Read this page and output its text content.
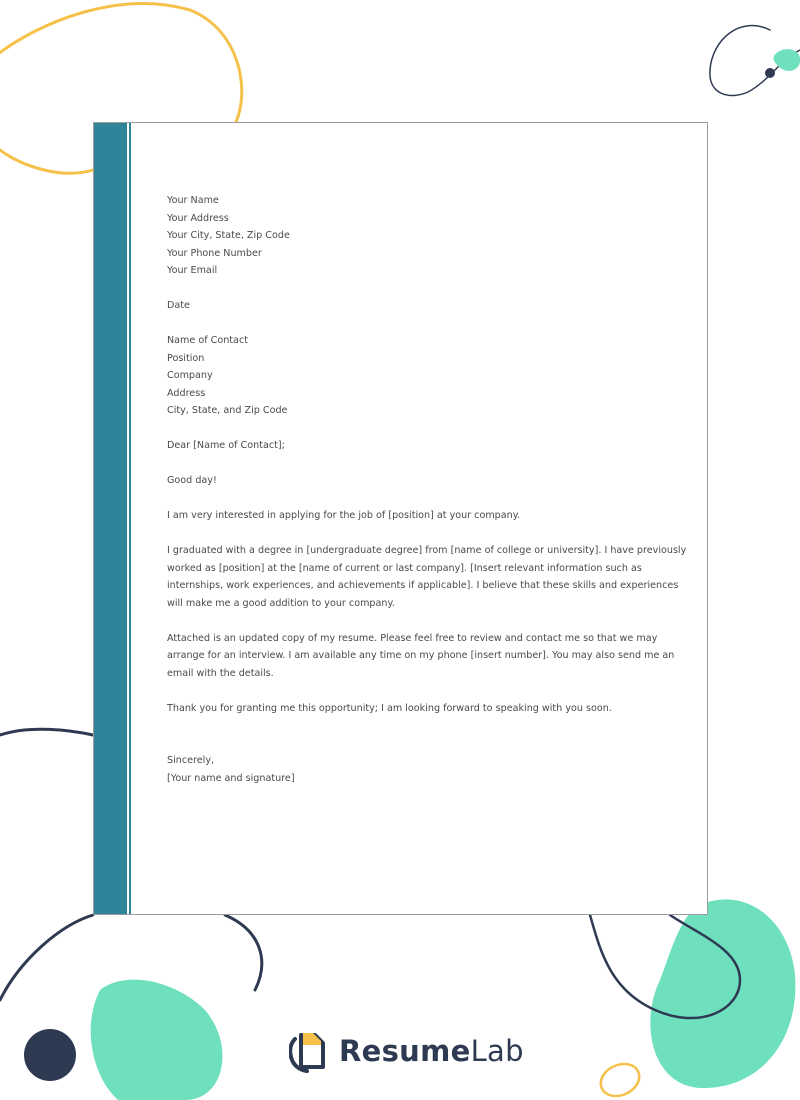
Your Name
Your Address
Your City, State, Zip Code
Your Phone Number
Your Email
Date
Name of Contact
Position
Company
Address
City, State, and Zip Code
Dear [Name of Contact];
Good day!
I am very interested in applying for the job of [position] at your company.
I graduated with a degree in [undergraduate degree] from [name of college or university]. I have previously worked as [position] at the [name of current or last company]. [Insert relevant information such as internships, work experiences, and achievements if applicable]. I believe that these skills and experiences will make me a good addition to your company.
Attached is an updated copy of my resume. Please feel free to review and contact me so that we may arrange for an interview. I am available any time on my phone [insert number]. You may also send me an email with the details.
Thank you for granting me this opportunity; I am looking forward to speaking with you soon.
Sincerely,
[Your name and signature]
ResumeLab
